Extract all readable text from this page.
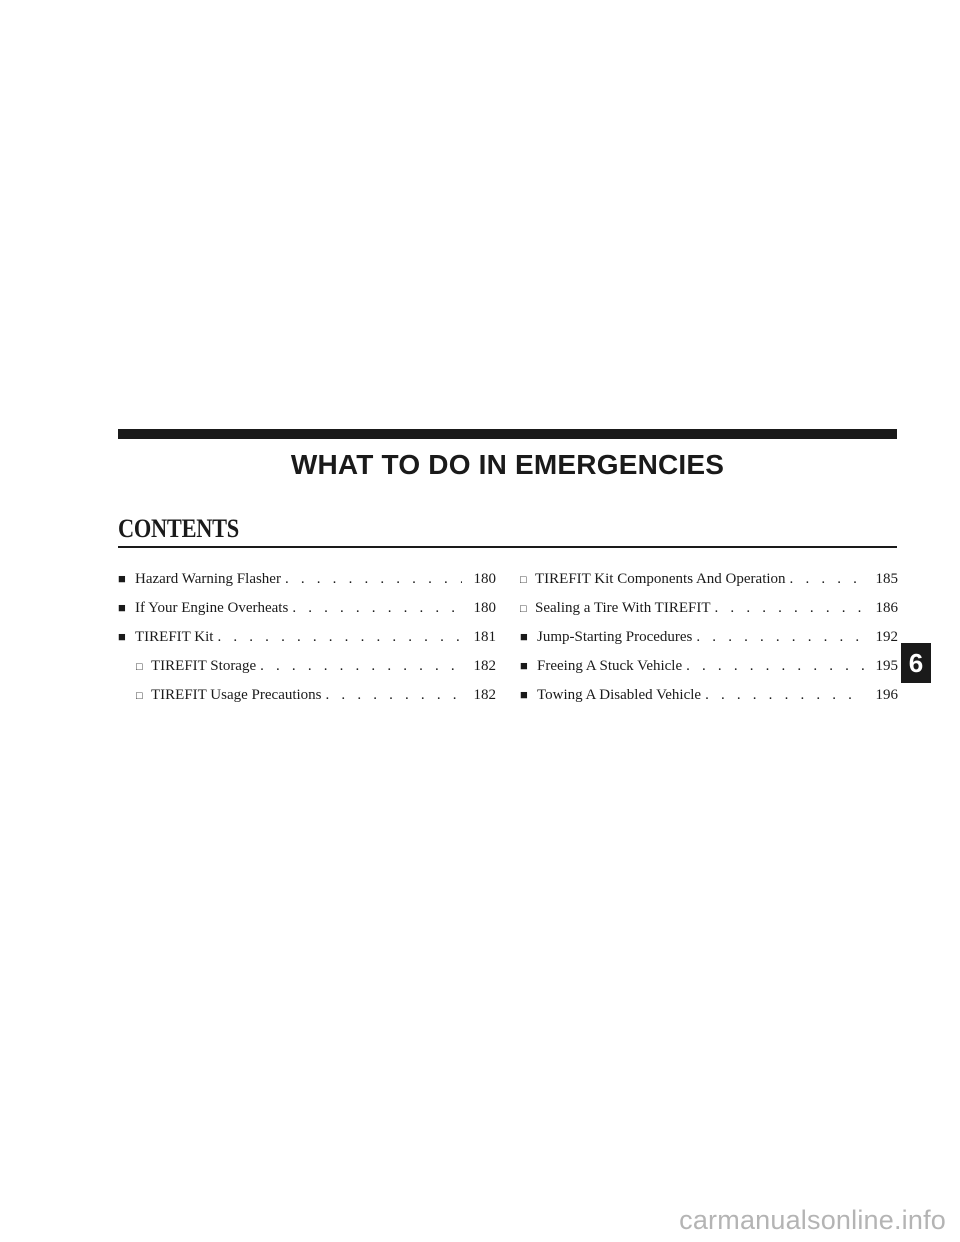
WHAT TO DO IN EMERGENCIES
CONTENTS
■ Hazard Warning Flasher . . .	180
■ If Your Engine Overheats . . .	180
■ TIREFIT Kit . . .	181
□ TIREFIT Storage . . .	182
□ TIREFIT Usage Precautions . . .	182
□ TIREFIT Kit Components And Operation . . .	185
□ Sealing a Tire With TIREFIT . . .	186
■ Jump-Starting Procedures . . .	192
■ Freeing A Stuck Vehicle . . .	195
■ Towing A Disabled Vehicle . . .	196
6
carmanualsonline.info
